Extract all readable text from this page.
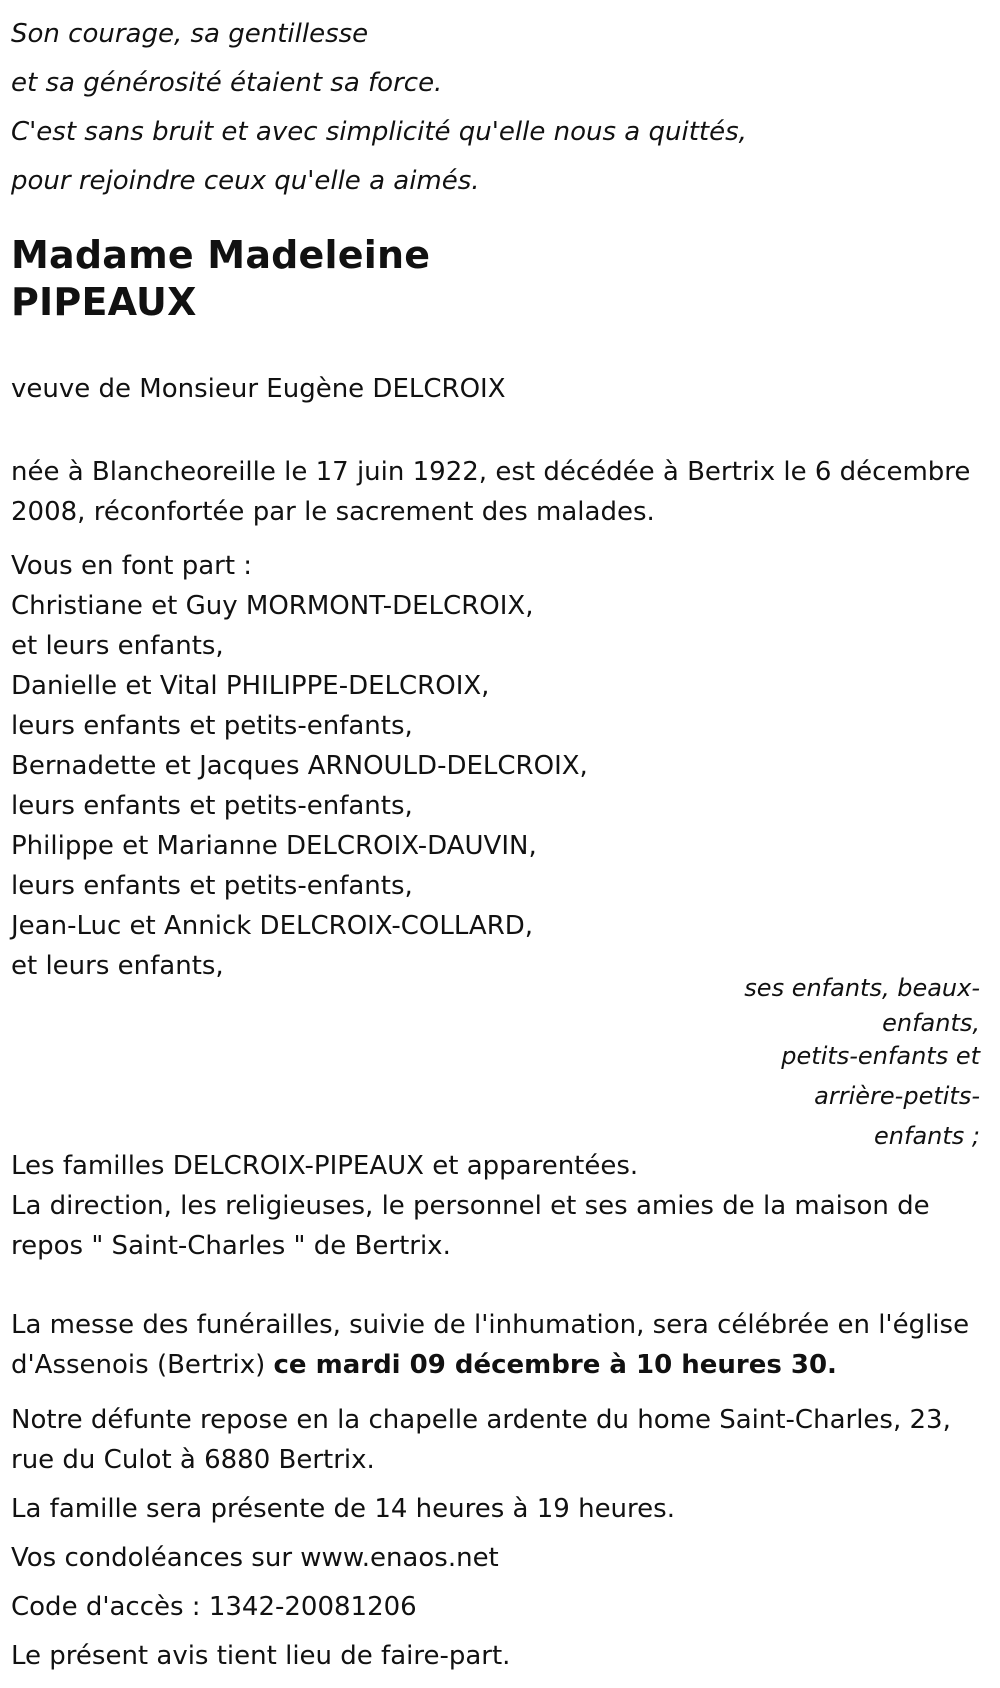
Son courage, sa gentillesse
et sa générosité étaient sa force.
C'est sans bruit et avec simplicité qu'elle nous a quittés,
pour rejoindre ceux qu'elle a aimés.
Madame Madeleine
PIPEAUX
veuve de Monsieur Eugène DELCROIX
née à Blancheoreille le 17 juin 1922, est décédée à Bertrix le 6 décembre 2008, réconfortée par le sacrement des malades.
Vous en font part :
Christiane et Guy MORMONT-DELCROIX,
et leurs enfants,
Danielle et Vital PHILIPPE-DELCROIX,
leurs enfants et petits-enfants,
Bernadette et Jacques ARNOULD-DELCROIX,
leurs enfants et petits-enfants,
Philippe et Marianne DELCROIX-DAUVIN,
leurs enfants et petits-enfants,
Jean-Luc et Annick DELCROIX-COLLARD,
et leurs enfants,
ses enfants, beaux-
enfants,
petits-enfants et
arrière-petits-
enfants ;
Les familles DELCROIX-PIPEAUX et apparentées.
La direction, les religieuses, le personnel et ses amies de la maison de repos " Saint-Charles " de Bertrix.
La messe des funérailles, suivie de l'inhumation, sera célébrée en l'église d'Assenois (Bertrix) ce mardi 09 décembre à 10 heures 30.

Notre défunte repose en la chapelle ardente du home Saint-Charles, 23, rue du Culot à 6880 Bertrix.

La famille sera présente de 14 heures à 19 heures.

Vos condoléances sur www.enaos.net

Code d'accès : 1342-20081206

Le présent avis tient lieu de faire-part.
